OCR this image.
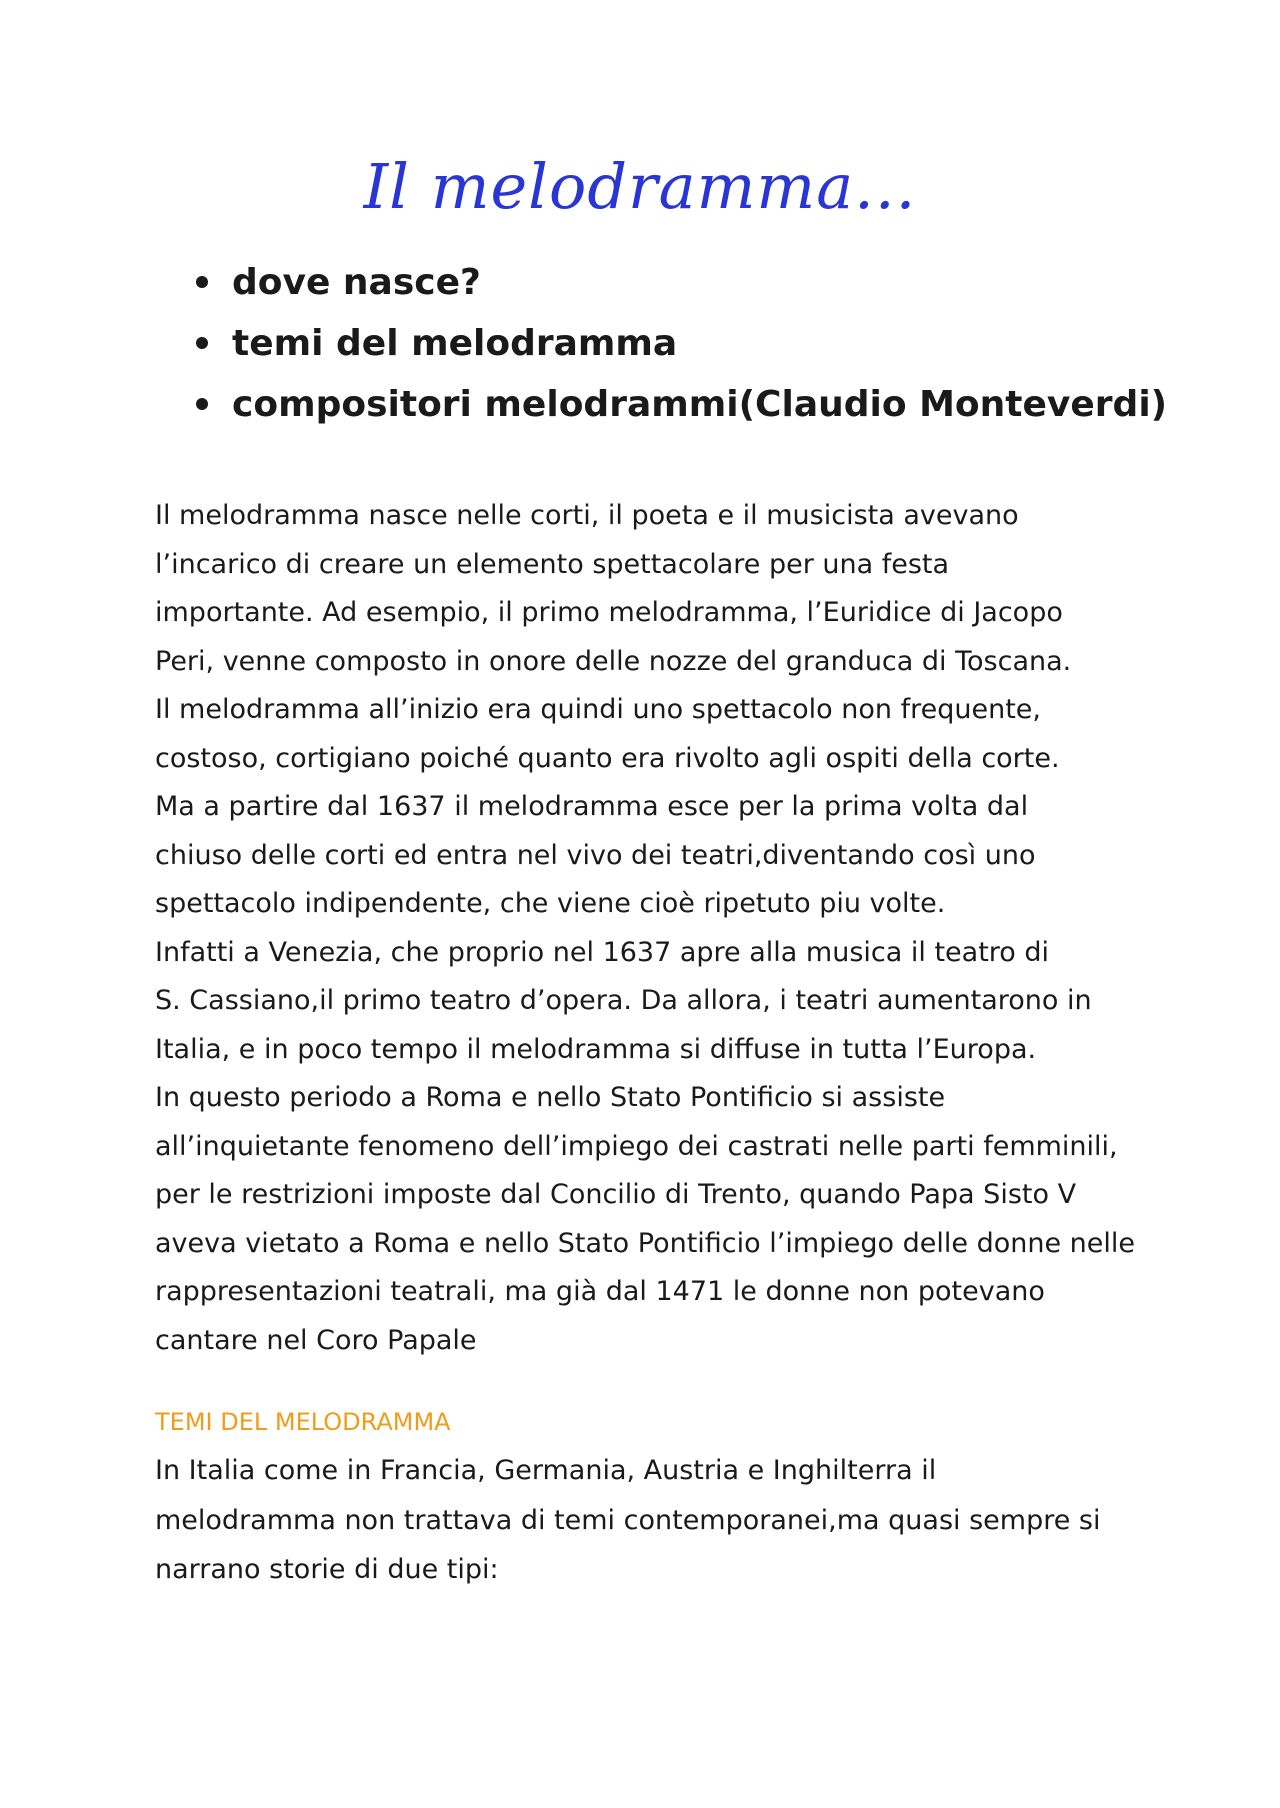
Il melodramma...
dove nasce?
temi del melodramma
compositori melodrammi(Claudio Monteverdi)
Il melodramma nasce nelle corti, il poeta e il musicista avevano
l’incarico di creare un elemento spettacolare per una festa
importante. Ad esempio, il primo melodramma, l’Euridice di Jacopo
Peri, venne composto in onore delle nozze del granduca di Toscana.
Il melodramma all’inizio era quindi uno spettacolo non frequente,
costoso, cortigiano poiché quanto era rivolto agli ospiti della corte.
Ma a partire dal 1637 il melodramma esce per la prima volta dal
chiuso delle corti ed entra nel vivo dei teatri,diventando così uno
spettacolo indipendente, che viene cioè ripetuto piu volte.
Infatti a Venezia, che proprio nel 1637 apre alla musica il teatro di
S. Cassiano,il primo teatro d’opera. Da allora, i teatri aumentarono in
Italia, e in poco tempo il melodramma si diffuse in tutta l’Europa.
In questo periodo a Roma e nello Stato Pontificio si assiste
all’inquietante fenomeno dell’impiego dei castrati nelle parti femminili,
per le restrizioni imposte dal Concilio di Trento, quando Papa Sisto V
aveva vietato a Roma e nello Stato Pontificio l’impiego delle donne nelle
rappresentazioni teatrali, ma già dal 1471 le donne non potevano
cantare nel Coro Papale
TEMI DEL MELODRAMMA
In Italia come in Francia, Germania, Austria e Inghilterra il
melodramma non trattava di temi contemporanei,ma quasi sempre si
narrano storie di due tipi:
